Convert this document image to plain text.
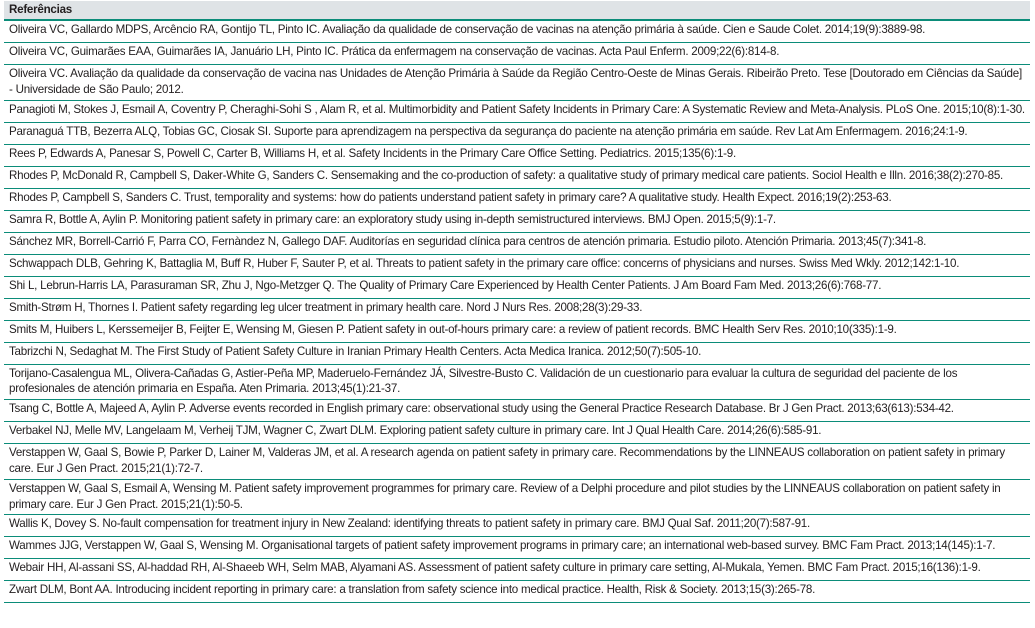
Referências
Oliveira VC, Gallardo MDPS, Arcêncio RA, Gontijo TL, Pinto IC. Avaliação da qualidade de conservação de vacinas na atenção primária à saúde. Cien e Saude Colet. 2014;19(9):3889-98.
Oliveira VC, Guimarães EAA, Guimarães IA, Januário LH, Pinto IC. Prática da enfermagem na conservação de vacinas. Acta Paul Enferm. 2009;22(6):814-8.
Oliveira VC. Avaliação da qualidade da conservação de vacina nas Unidades de Atenção Primária à Saúde da Região Centro-Oeste de Minas Gerais. Ribeirão Preto. Tese [Doutorado em Ciências da Saúde] - Universidade de São Paulo; 2012.
Panagioti M, Stokes J, Esmail A, Coventry P, Cheraghi-Sohi S , Alam R, et al. Multimorbidity and Patient Safety Incidents in Primary Care: A Systematic Review and Meta-Analysis. PLoS One. 2015;10(8):1-30.
Paranaguá TTB, Bezerra ALQ, Tobias GC, Ciosak SI. Suporte para aprendizagem na perspectiva da segurança do paciente na atenção primária em saúde. Rev Lat Am Enfermagem. 2016;24:1-9.
Rees P, Edwards A, Panesar S, Powell C, Carter B, Williams H, et al. Safety Incidents in the Primary Care Office Setting. Pediatrics. 2015;135(6):1-9.
Rhodes P, McDonald R, Campbell S, Daker-White G, Sanders C. Sensemaking and the co-production of safety: a qualitative study of primary medical care patients. Sociol Health e Illn. 2016;38(2):270-85.
Rhodes P, Campbell S, Sanders C. Trust, temporality and systems: how do patients understand patient safety in primary care? A qualitative study. Health Expect. 2016;19(2):253-63.
Samra R, Bottle A, Aylin P. Monitoring patient safety in primary care: an exploratory study using in-depth semistructured interviews. BMJ Open. 2015;5(9):1-7.
Sánchez MR, Borrell-Carrió F, Parra CO, Fernàndez N, Gallego DAF. Auditorías en seguridad clínica para centros de atención primaria. Estudio piloto. Atención Primaria. 2013;45(7):341-8.
Schwappach DLB, Gehring K, Battaglia M, Buff R, Huber F, Sauter P, et al. Threats to patient safety in the primary care office: concerns of physicians and nurses. Swiss Med Wkly. 2012;142:1-10.
Shi L, Lebrun-Harris LA, Parasuraman SR, Zhu J, Ngo-Metzger Q. The Quality of Primary Care Experienced by Health Center Patients. J Am Board Fam Med. 2013;26(6):768-77.
Smith-Strøm H, Thornes I. Patient safety regarding leg ulcer treatment in primary health care. Nord J Nurs Res. 2008;28(3):29-33.
Smits M, Huibers L, Kerssemeijer B, Feijter E, Wensing M, Giesen P. Patient safety in out-of-hours primary care: a review of patient records. BMC Health Serv Res. 2010;10(335):1-9.
Tabrizchi N, Sedaghat M. The First Study of Patient Safety Culture in Iranian Primary Health Centers. Acta Medica Iranica. 2012;50(7):505-10.
Torijano-Casalengua ML, Olivera-Cañadas G, Astier-Peña MP, Maderuelo-Fernández JÁ, Silvestre-Busto C. Validación de un cuestionario para evaluar la cultura de seguridad del paciente de los profesionales de atención primaria en España. Aten Primaria. 2013;45(1):21-37.
Tsang C, Bottle A, Majeed A, Aylin P. Adverse events recorded in English primary care: observational study using the General Practice Research Database. Br J Gen Pract. 2013;63(613):534-42.
Verbakel NJ, Melle MV, Langelaam M, Verheij TJM, Wagner C, Zwart DLM. Exploring patient safety culture in primary care. Int J Qual Health Care. 2014;26(6):585-91.
Verstappen W, Gaal S, Bowie P, Parker D, Lainer M, Valderas JM, et al. A research agenda on patient safety in primary care. Recommendations by the LINNEAUS collaboration on patient safety in primary care. Eur J Gen Pract. 2015;21(1):72-7.
Verstappen W, Gaal S, Esmail A, Wensing M. Patient safety improvement programmes for primary care. Review of a Delphi procedure and pilot studies by the LINNEAUS collaboration on patient safety in primary care. Eur J Gen Pract. 2015;21(1):50-5.
Wallis K, Dovey S. No-fault compensation for treatment injury in New Zealand: identifying threats to patient safety in primary care. BMJ Qual Saf. 2011;20(7):587-91.
Wammes JJG, Verstappen W, Gaal S, Wensing M. Organisational targets of patient safety improvement programs in primary care; an international web-based survey. BMC Fam Pract. 2013;14(145):1-7.
Webair HH, Al-assani SS, Al-haddad RH, Al-Shaeeb WH, Selm MAB, Alyamani AS. Assessment of patient safety culture in primary care setting, Al-Mukala, Yemen. BMC Fam Pract. 2015;16(136):1-9.
Zwart DLM, Bont AA. Introducing incident reporting in primary care: a translation from safety science into medical practice. Health, Risk & Society. 2013;15(3):265-78.
